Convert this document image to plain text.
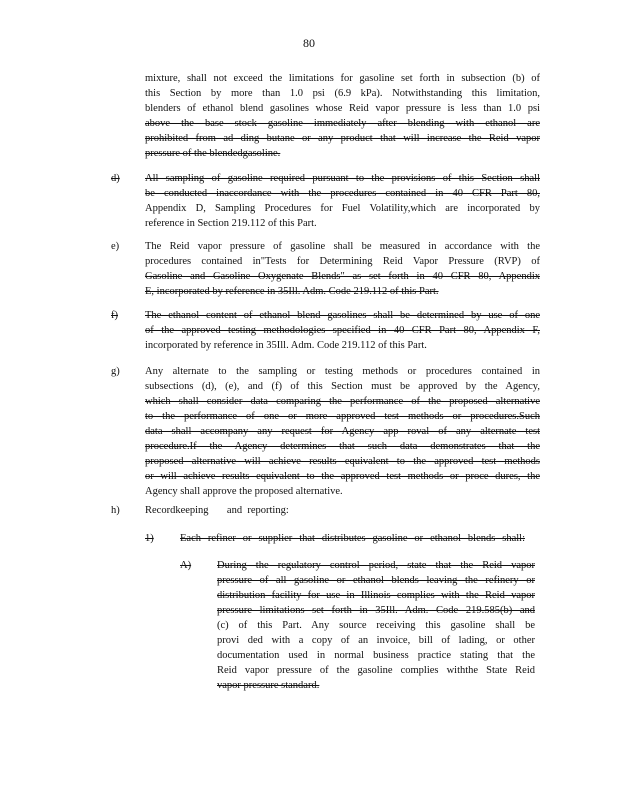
80
mixture, shall not exceed the limitations for gasoline set forth in subsection (b) of
this Section by more than 1.0 psi (6.9 kPa). Notwithstanding this limitation,
blenders of ethanol blend gasolines whose Reid vapor pressure is less than 1.0 psi
above the base stock gasoline immediately after blending with ethanol are
prohibited from ad ding butane or any product that will increase the Reid vapor
pressure of the blendedgasoline.
d) All sampling of gasoline required pursuant to the provisions of this Section shall
be conducted inaccordance with the procedures contained in 40 CFR Part 80,
Appendix D, Sampling Procedures for Fuel Volatility,which are incorporated by
reference in Section 219.112 of this Part.
e) The Reid vapor pressure of gasoline shall be measured in accordance with the
procedures contained in"Tests for Determining Reid Vapor Pressure (RVP) of
Gasoline and Gasoline Oxygenate Blends" as set forth in 40 CFR 80, Appendix
E, incorporated by reference in 35Ill. Adm. Code 219.112 of this Part.
f)	The ethanol content of ethanol blend gasolines shall be determined by use of one
of the approved testing methodologies specified in 40 CFR Part 80, Appendix F,
incorporated by reference in 35Ill. Adm. Code 219.112 of this Part.
g) Any alternate to the sampling or testing methods or procedures contained in
subsections (d), (e), and (f) of this Section must be approved by the Agency,
which shall consider data comparing the performance of the proposed alternative
to the performance of one or more approved test methods or procedures.Such
data shall accompany any request for Agency app roval of any alternate test
procedure.If the Agency determines that such data demonstrates that the
proposed alternative will achieve results equivalent to the approved test methods
or will achieve results equivalent to the approved test methods or proce dures, the
Agency shall approve the proposed alternative.
h) Recordkeeping       and  reporting:
1)	Each refiner or supplier that distributes gasoline or ethanol blends shall:
A) During the regulatory control period, state that the Reid vapor
pressure of all gasoline or ethanol blends leaving the refinery or
distribution facility for use in Illinois complies with the Reid vapor
pressure limitations set forth in 35Ill. Adm. Code 219.585(b) and
(c) of this Part. Any source receiving this gasoline shall be
provi ded with a copy of an invoice, bill of lading, or other
documentation used in normal business practice stating that the
Reid vapor pressure of the gasoline complies withthe State Reid
vapor pressure standard.
